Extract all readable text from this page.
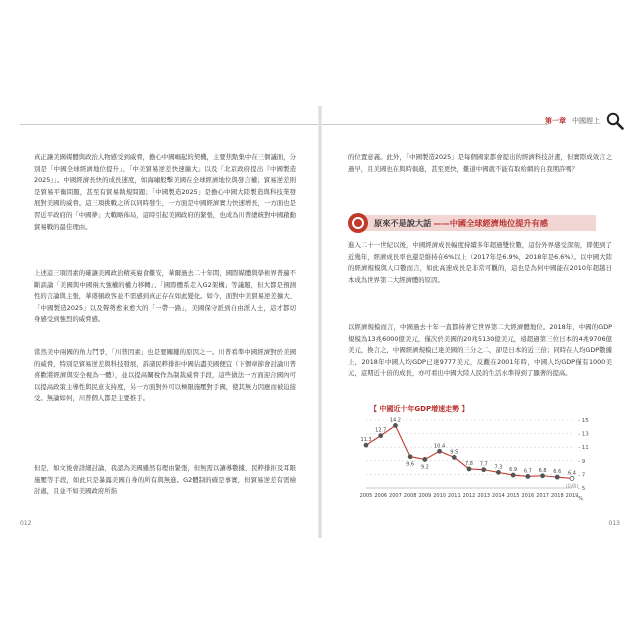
真正讓美國媒體與政治人物感受到威脅，擔心中國崛起的契機，主要焦點集中在三個議面，分別是「中國全球經濟地位提升」、「中美貿易逆差快速擴大」以及「北京政府提出『中國製造2025』」。中國經濟長快的成長速度，如海嘯般擊美國在全球經濟地位與發言權；貿易逆差則是貿易平衡問題，甚至有貿易執規問題；「中國製造2025」是擔心中國大陸製造與科技業發展對美國的威脅。這三項挑戰之所以同時發生，一方面是中國經濟實力快速增長，一方面也是習近平政府的「中國夢」大戰略佈局，這時引起美國政府的緊張，也成為川普總統對中國啟動貿易戰的最佳理由。
上述這三項因素的確讓美國政治精英寢食難安，華爾過去二十年間，國際媒體與學術界普遍不斷談論「美國與中國兩大強權的權力移轉」、「國際體系走入G2架構」等議題，但大都是預測性的言論與主張，華盛頓政客並不需感到真正存在如此變化。如今，面對中美貿易逆差擴大、「中國製造2025」以及聲勢愈來愈大的「一帶一路」，美國保守派到自由派人士，這才都切身感受到強烈的威脅感。
當然美中兩國的角力鬥爭，「川普因素」也是要關鍵的原因之一。川普看準中國經濟對於美國的威脅，特別是貿易逆差與科技發展，訴諸民粹排拒中國佔盡美國便宜（下個章節會討論川普喜歡將經濟與安全視為一體），並以提高關稅作為制裁威脅手段，這些做法一方面迎合國內可以提高政策主導性與民意支持度，另一方面對外可以極限施壓對手國，使其無力因應而被迫接受。無論如何，川普個人都是主要推手。
但是，如文後會詳細討論，我認為美國雖然有理由緊張，但無需以讓導數據、民粹排拒及耳限施壓等手段，如此只是暴露美國自身的所有與無進。G2體制的確是事實，但貿易逆差有需檢討處，且並不如美國政府所指
012
第一章 中國趕上
的位置意義。此外，「中國製造2025」是每個國家都會提出的經濟科技計畫，但實際成效言之過早，且美國也在與時俱進，甚至更快，難道中國就不能有取哈網的自我期許嗎？
原來不是說大話 ——中國全球經濟地位提升有感
進入二十一世紀以後，中國經濟成長幅度持續多年超過雙位數，這份外界感受深刻，即使到了近幾年，經濟成長率也還是維持在6%以上（2017年是6.9%，2018年是6.6%）。以中國大陸的經濟規模與人口數而言，如此高速成長是非常可觀的，這也是為何中國能在2010年超越日本成為世界第二大經濟體的原因。
以經濟規模而言，中國過去十年一直都持著它世界第二大經濟體地位。2018年，中國的GDP規模為13兆6000億美元，僅次於美國的20兆5130億美元，遠超過第三位日本的4兆9706億美元，換言之，中國經濟規模已達美國的三分之二，卻是日本的近三倍；同時在人均GDP數據上，2018年中國人均GDP已達9777美元，反觀在2001年時，中國人均GDP僅有1000美元，這期近十倍的成長，亦可看出中國大陸人民的生活水準得到了顯著的提高。
【 中國近十年GDP增速走勢 】
- 15
- 13
- 11
- 9
- 7
- 5
11.3
2005
12.7
2006
14.2
2007
9.6
2008
9.2
2009
10.4
2010
9.5
2011
7.8
2012
7.7
2013
7.3
2014
6.9
2015
6.7
2016
6.8
2017
6.6
2018
6.4
2019
(估值)
%
013
